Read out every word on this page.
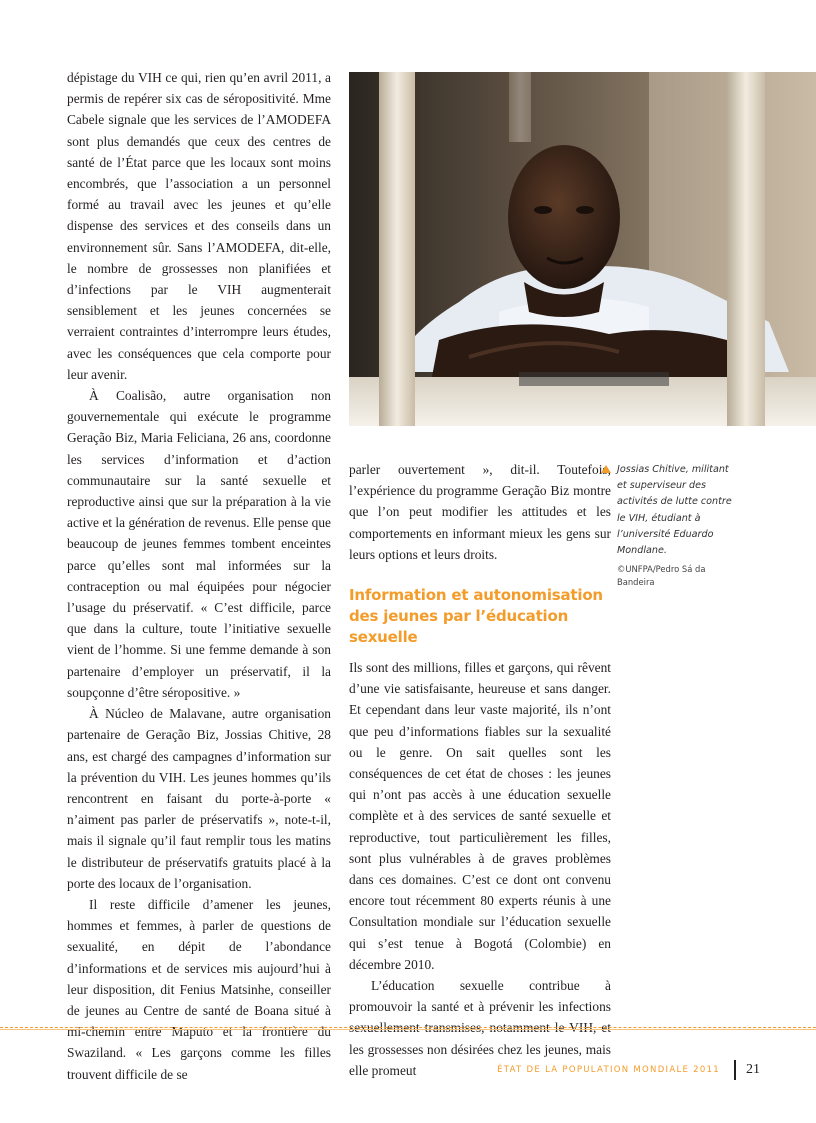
dépistage du VIH ce qui, rien qu’en avril 2011, a permis de repérer six cas de séropositivité. Mme Cabele signale que les services de l’AMODEFA sont plus demandés que ceux des centres de santé de l’État parce que les locaux sont moins encombrés, que l’association a un personnel formé au travail avec les jeunes et qu’elle dispense des services et des conseils dans un environnement sûr. Sans l’AMODEFA, dit-elle, le nombre de grossesses non planifiées et d’infections par le VIH augmenterait sensiblement et les jeunes concernées se verraient contraintes d’interrompre leurs études, avec les conséquences que cela comporte pour leur avenir.

À Coalisão, autre organisation non gouvernementale qui exécute le programme Geração Biz, Maria Feliciana, 26 ans, coordonne les services d’information et d’action communautaire sur la santé sexuelle et reproductive ainsi que sur la préparation à la vie active et la génération de revenus. Elle pense que beaucoup de jeunes femmes tombent enceintes parce qu’elles sont mal informées sur la contraception ou mal équipées pour négocier l’usage du préservatif. « C’est difficile, parce que dans la culture, toute l’initiative sexuelle vient de l’homme. Si une femme demande à son partenaire d’employer un préservatif, il la soupçonne d’être séropositive. »

À Núcleo de Malavane, autre organisation partenaire de Geração Biz, Jossias Chitive, 28 ans, est chargé des campagnes d’information sur la prévention du VIH. Les jeunes hommes qu’ils rencontrent en faisant du porte-à-porte « n’aiment pas parler de préservatifs », note-t-il, mais il signale qu’il faut remplir tous les matins le distributeur de préservatifs gratuits placé à la porte des locaux de l’organisation.

Il reste difficile d’amener les jeunes, hommes et femmes, à parler de questions de sexualité, en dépit de l’abondance d’informations et de services mis aujourd’hui à leur disposition, dit Fenius Matsinhe, conseiller de jeunes au Centre de santé de Boana situé à mi-chemin entre Maputo et la frontière du Swaziland. « Les garçons comme les filles trouvent difficile de se

parler ouvertement », dit-il. Toutefois, l’expérience du programme Geração Biz montre que l’on peut modifier les attitudes et les comportements en informant mieux les gens sur leurs options et leurs droits.

Information et autonomisation des jeunes par l’éducation sexuelle

Ils sont des millions, filles et garçons, qui rêvent d’une vie satisfaisante, heureuse et sans danger. Et cependant dans leur vaste majorité, ils n’ont que peu d’informations fiables sur la sexualité ou le genre. On sait quelles sont les conséquences de cet état de choses : les jeunes qui n’ont pas accès à une éducation sexuelle complète et à des services de santé sexuelle et reproductive, tout particulièrement les filles, sont plus vulnérables à de graves problèmes dans ces domaines. C’est ce dont ont convenu encore tout récemment 80 experts réunis à une Consultation mondiale sur l’éducation sexuelle qui s’est tenue à Bogotá (Colombie) en décembre 2010.

L’éducation sexuelle contribue à promouvoir la santé et à prévenir les infections sexuellement transmises, notamment le VIH, et les grossesses non désirées chez les jeunes, mais elle promeut

Jossias Chitive, militant et superviseur des activités de lutte contre le VIH, étudiant à l’université Eduardo Mondlane.
©UNFPA/Pedro Sá da Bandeira
ÉTAT DE LA POPULATION MONDIALE 2011 21
